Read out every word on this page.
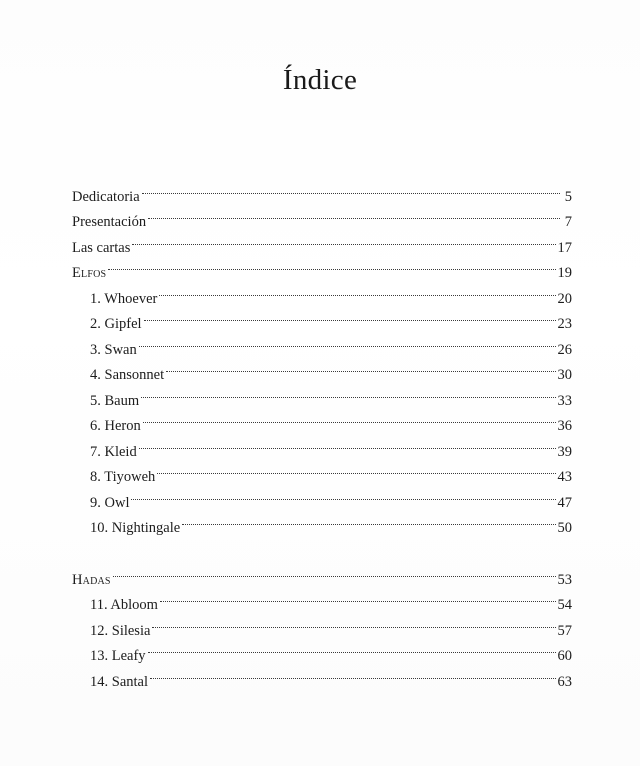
Índice
Dedicatoria	5
Presentación	7
Las cartas	17
Elfos	19
1. Whoever	20
2. Gipfel	23
3. Swan	26
4. Sansonnet	30
5. Baum	33
6. Heron	36
7. Kleid	39
8. Tiyoweh	43
9. Owl	47
10. Nightingale	50
Hadas	53
11. Abloom	54
12. Silesia	57
13. Leafy	60
14. Santal	63
